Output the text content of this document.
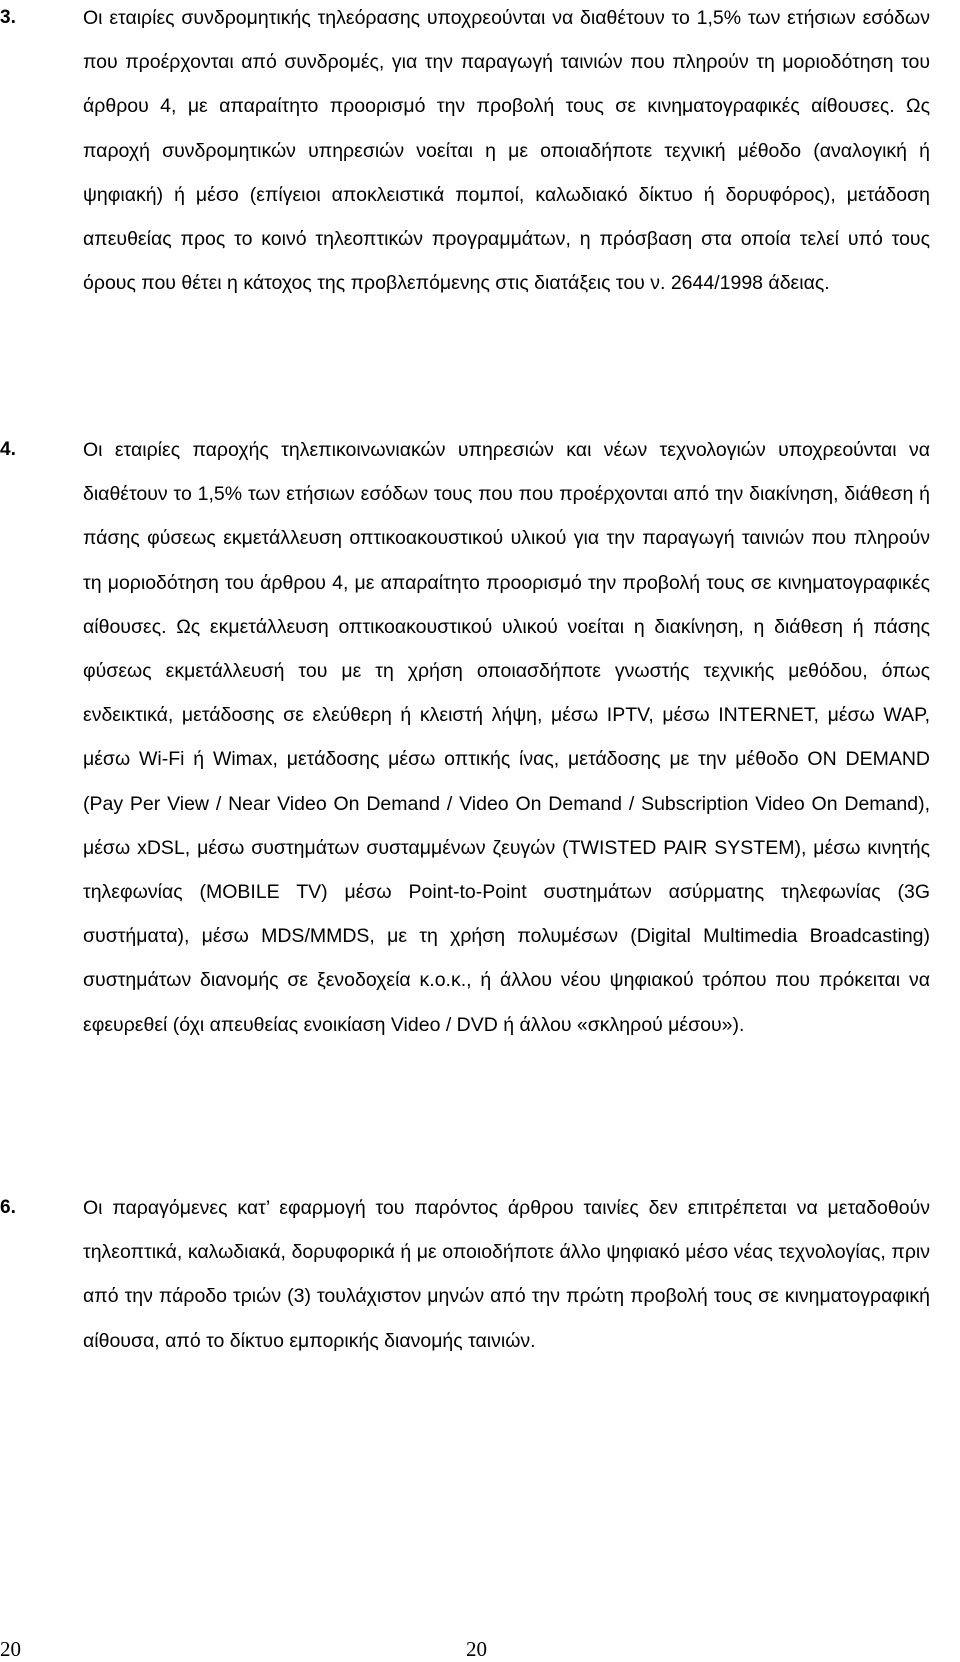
3.	Οι εταιρίες συνδρομητικής τηλεόρασης υποχρεούνται να διαθέτουν το 1,5% των ετήσιων εσόδων που προέρχονται από συνδρομές, για την παραγωγή ταινιών που πληρούν τη μοριοδότηση του άρθρου 4, με απαραίτητο προορισμό την προβολή τους σε κινηματογραφικές αίθουσες. Ως παροχή συνδρομητικών υπηρεσιών νοείται η με οποιαδήποτε τεχνική μέθοδο (αναλογική ή ψηφιακή) ή μέσο (επίγειοι αποκλειστικά πομποί, καλωδιακό δίκτυο ή δορυφόρος), μετάδοση απευθείας προς το κοινό τηλεοπτικών προγραμμάτων, η πρόσβαση στα οποία τελεί υπό τους όρους που θέτει η κάτοχος της προβλεπόμενης στις διατάξεις του ν. 2644/1998 άδειας.

4.	Οι εταιρίες παροχής τηλεπικοινωνιακών υπηρεσιών και νέων τεχνολογιών υποχρεούνται να διαθέτουν το 1,5% των ετήσιων εσόδων τους που που προέρχονται από την διακίνηση, διάθεση ή πάσης φύσεως εκμετάλλευση οπτικοακουστικού υλικού για την παραγωγή ταινιών που πληρούν τη μοριοδότηση του άρθρου 4, με απαραίτητο προορισμό την προβολή τους σε κινηματογραφικές αίθουσες. Ως εκμετάλλευση οπτικοακουστικού υλικού νοείται η διακίνηση, η διάθεση ή πάσης φύσεως εκμετάλλευσή του με τη χρήση οποιασδήποτε γνωστής τεχνικής μεθόδου, όπως ενδεικτικά, μετάδοσης σε ελεύθερη ή κλειστή λήψη, μέσω IPTV, μέσω INTERNET, μέσω WAP, μέσω Wi-Fi ή Wimax, μετάδοσης μέσω οπτικής ίνας, μετάδοσης με την μέθοδο ON DEMAND (Pay Per View / Near Video On Demand / Video On Demand / Subscription Video On Demand), μέσω xDSL, μέσω συστημάτων συσταμμένων ζευγών (TWISTED PAIR SYSTEM), μέσω κινητής τηλεφωνίας (MOBILE TV) μέσω Point-to-Point συστημάτων ασύρματης τηλεφωνίας (3G συστήματα), μέσω MDS/MMDS, με τη χρήση πολυμέσων (Digital Multimedia Broadcasting) συστημάτων διανομής σε ξενοδοχεία κ.ο.κ., ή άλλου νέου ψηφιακού τρόπου που πρόκειται να εφευρεθεί (όχι απευθείας ενοικίαση Video / DVD ή άλλου «σκληρού μέσου»).

6.	Οι παραγόμενες κατ’ εφαρμογή του παρόντος άρθρου ταινίες δεν επιτρέπεται να μεταδοθούν τηλεοπτικά, καλωδιακά, δορυφορικά ή με οποιοδήποτε άλλο ψηφιακό μέσο νέας τεχνολογίας, πριν από την πάροδο τριών (3) τουλάχιστον μηνών από την πρώτη προβολή τους σε κινηματογραφική αίθουσα, από το δίκτυο εμπορικής διανομής ταινιών.

20	20
